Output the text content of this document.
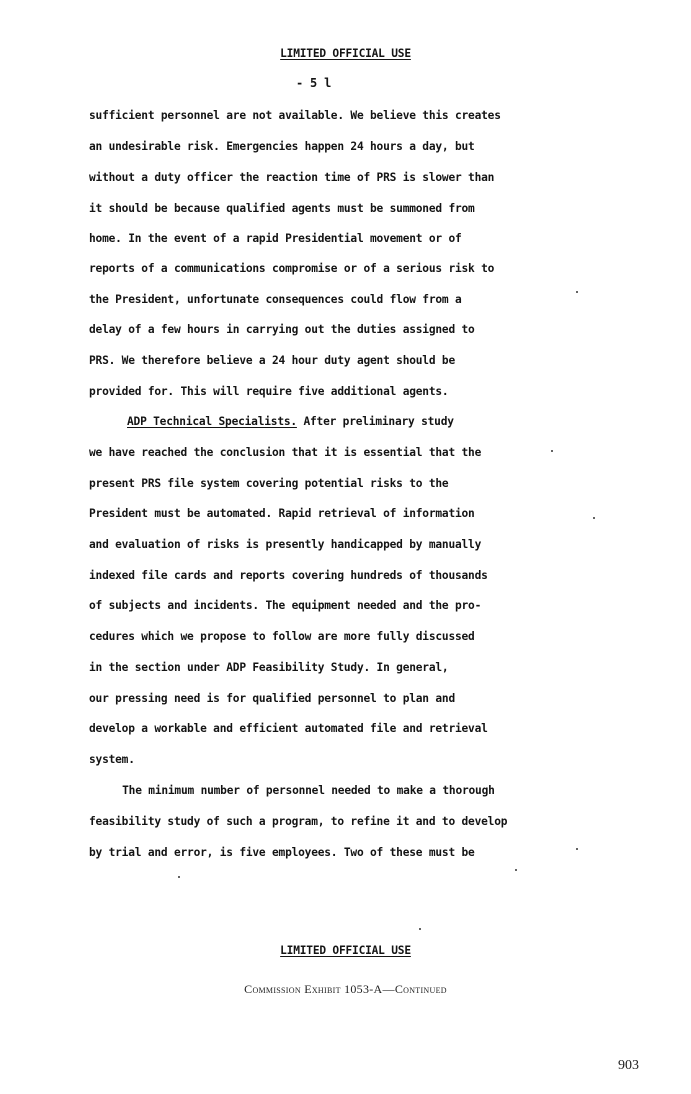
LIMITED OFFICIAL USE
- 5 l
sufficient personnel are not available. We believe this creates
an undesirable risk. Emergencies happen 24 hours a day, but
without a duty officer the reaction time of PRS is slower than
it should be because qualified agents must be summoned from
home. In the event of a rapid Presidential movement or of
reports of a communications compromise or of a serious risk to
the President, unfortunate consequences could flow from a
delay of a few hours in carrying out the duties assigned to
PRS. We therefore believe a 24 hour duty agent should be
provided for. This will require five additional agents.
ADP Technical Specialists. After preliminary study
we have reached the conclusion that it is essential that the
present PRS file system covering potential risks to the
President must be automated. Rapid retrieval of information
and evaluation of risks is presently handicapped by manually
indexed file cards and reports covering hundreds of thousands
of subjects and incidents. The equipment needed and the pro-
cedures which we propose to follow are more fully discussed
in the section under ADP Feasibility Study. In general,
our pressing need is for qualified personnel to plan and
develop a workable and efficient automated file and retrieval
system.
The minimum number of personnel needed to make a thorough
feasibility study of such a program, to refine it and to develop
by trial and error, is five employees. Two of these must be
LIMITED OFFICIAL USE
Commission Exhibit 1053-A—Continued
903
